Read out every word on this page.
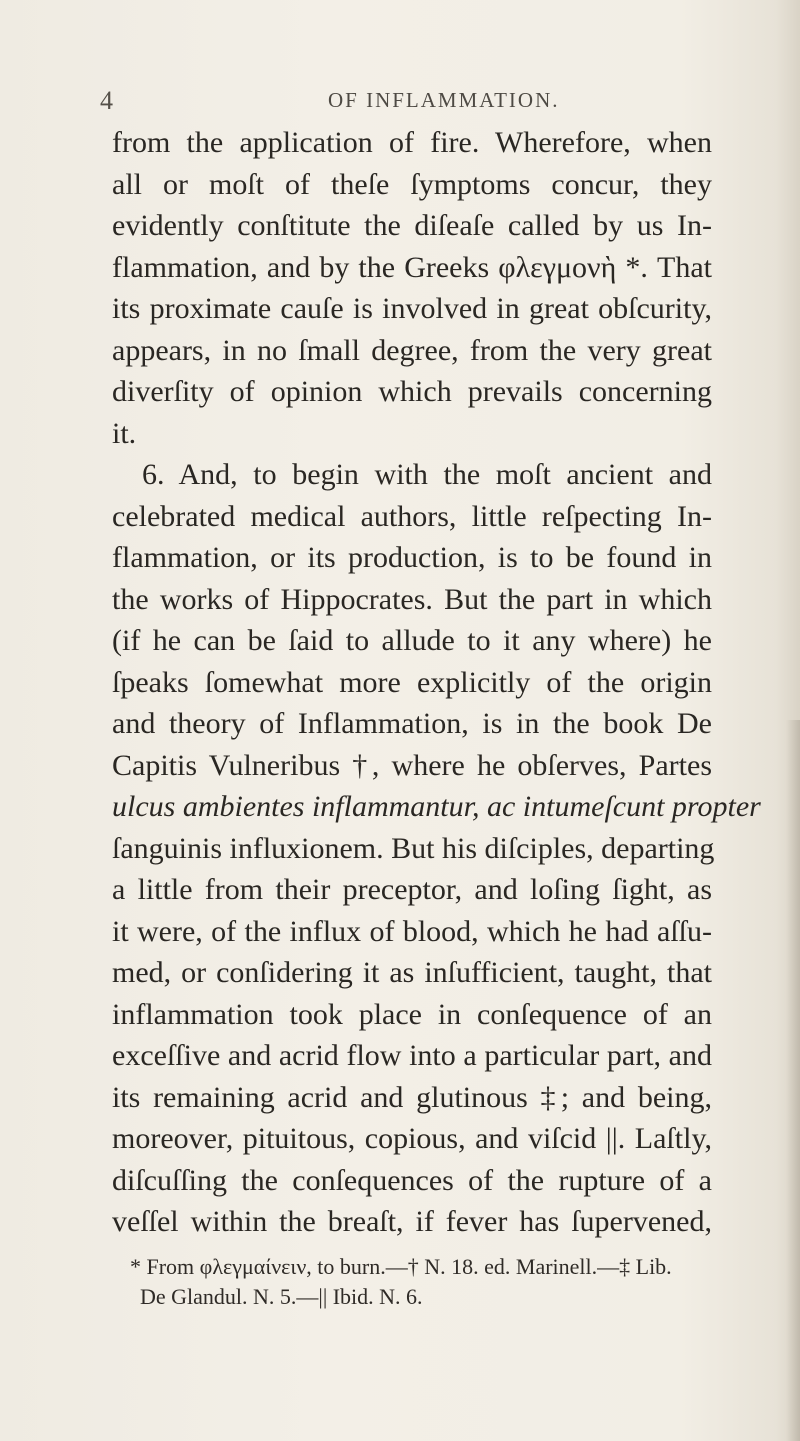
4	OF INFLAMMATION.
from the application of fire. Wherefore, when
all or moſt of theſe ſymptoms concur, they
evidently conſtitute the diſeaſe called by us In-
flammation, and by the Greeks φλεγμονὴ *. That
its proximate cauſe is involved in great obſcurity,
appears, in no ſmall degree, from the very great
diverſity of opinion which prevails concerning
it.
6. And, to begin with the moſt ancient and
celebrated medical authors, little reſpecting In-
flammation, or its production, is to be found in
the works of Hippocrates. But the part in which
(if he can be ſaid to allude to it any where) he
ſpeaks ſomewhat more explicitly of the origin
and theory of Inflammation, is in the book De
Capitis Vulneribus †, where he obſerves, Partes
ulcus ambientes inflammantur, ac intumeſcunt propter
ſanguinis influxionem. But his diſciples, departing
a little from their preceptor, and loſing ſight, as
it were, of the influx of blood, which he had aſſu-
med, or conſidering it as inſufficient, taught, that
inflammation took place in conſequence of an
exceſſive and acrid flow into a particular part, and
its remaining acrid and glutinous ‡; and being,
moreover, pituitous, copious, and viſcid ||. Laſtly,
diſcuſſing the conſequences of the rupture of a
veſſel within the breaſt, if fever has ſupervened,
* From φλεγμαίνειν, to burn.—† N. 18. ed. Marinell.—‡ Lib.
De Glandul. N. 5.—|| Ibid. N. 6.
